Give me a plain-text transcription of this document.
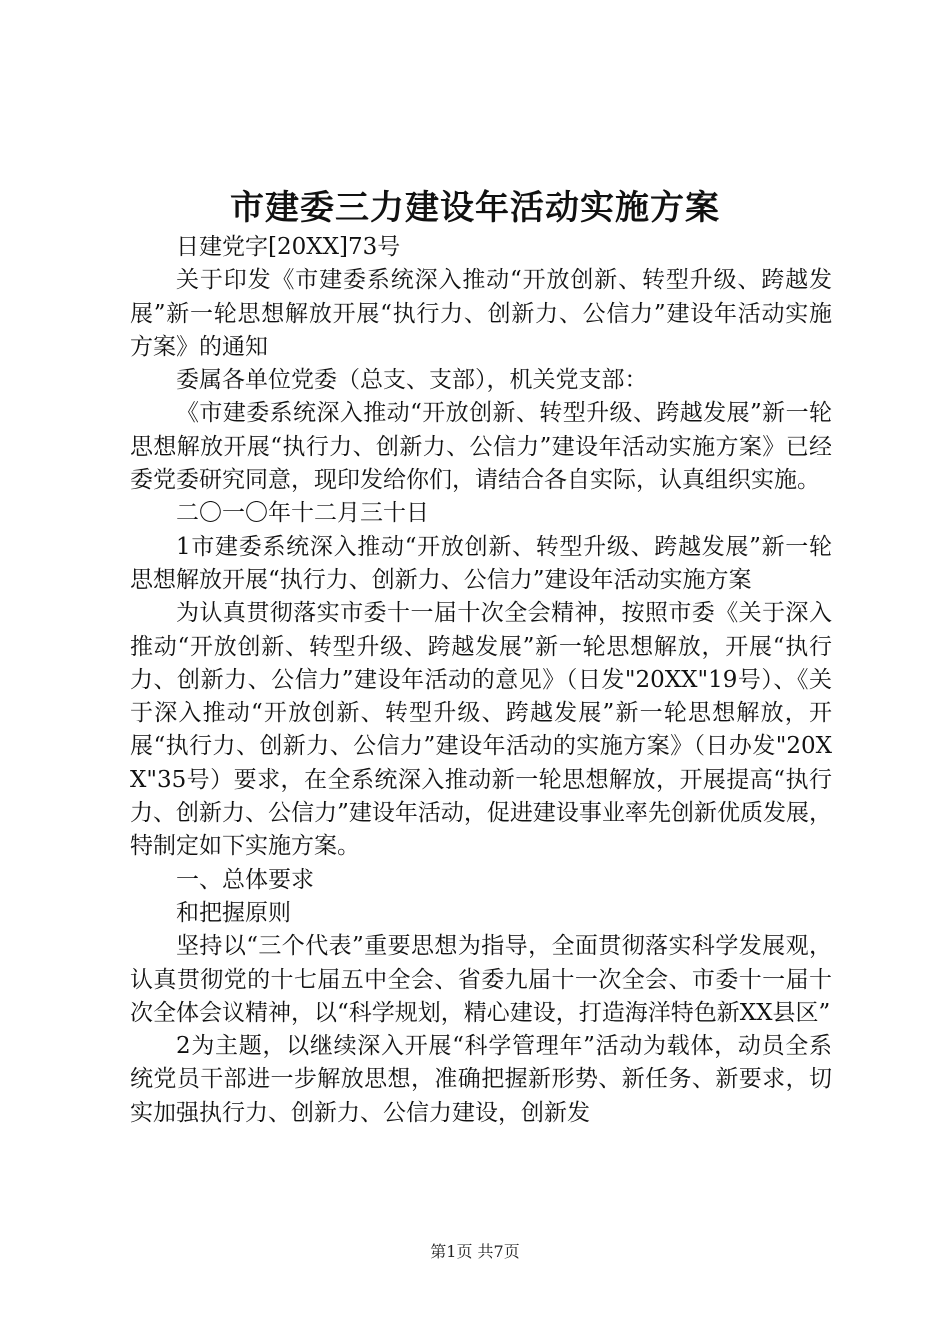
市建委三力建设年活动实施方案

日建党字[20XX]73号

关于印发《市建委系统深入推动“开放创新、转型升级、跨越发展”新一轮思想解放开展“执行力、创新力、公信力”建设年活动实施方案》的通知

委属各单位党委（总支、支部），机关党支部：

《市建委系统深入推动“开放创新、转型升级、跨越发展”新一轮思想解放开展“执行力、创新力、公信力”建设年活动实施方案》已经委党委研究同意，现印发给你们，请结合各自实际，认真组织实施。

二〇一〇年十二月三十日

1市建委系统深入推动“开放创新、转型升级、跨越发展”新一轮思想解放开展“执行力、创新力、公信力”建设年活动实施方案

为认真贯彻落实市委十一届十次全会精神，按照市委《关于深入推动“开放创新、转型升级、跨越发展”新一轮思想解放，开展“执行力、创新力、公信力”建设年活动的意见》（日发"20XX"19号）、《关于深入推动“开放创新、转型升级、跨越发展”新一轮思想解放，开展“执行力、创新力、公信力”建设年活动的实施方案》（日办发"20XX"35号）要求，在全系统深入推动新一轮思想解放，开展提高“执行力、创新力、公信力”建设年活动，促进建设事业率先创新优质发展，特制定如下实施方案。

一、总体要求

和把握原则

坚持以“三个代表”重要思想为指导，全面贯彻落实科学发展观，认真贯彻党的十七届五中全会、省委九届十一次全会、市委十一届十次全体会议精神，以“科学规划，精心建设，打造海洋特色新XX县区”

2为主题，以继续深入开展“科学管理年”活动为载体，动员全系统党员干部进一步解放思想，准确把握新形势、新任务、新要求，切实加强执行力、创新力、公信力建设，创新发

第1页 共7页
